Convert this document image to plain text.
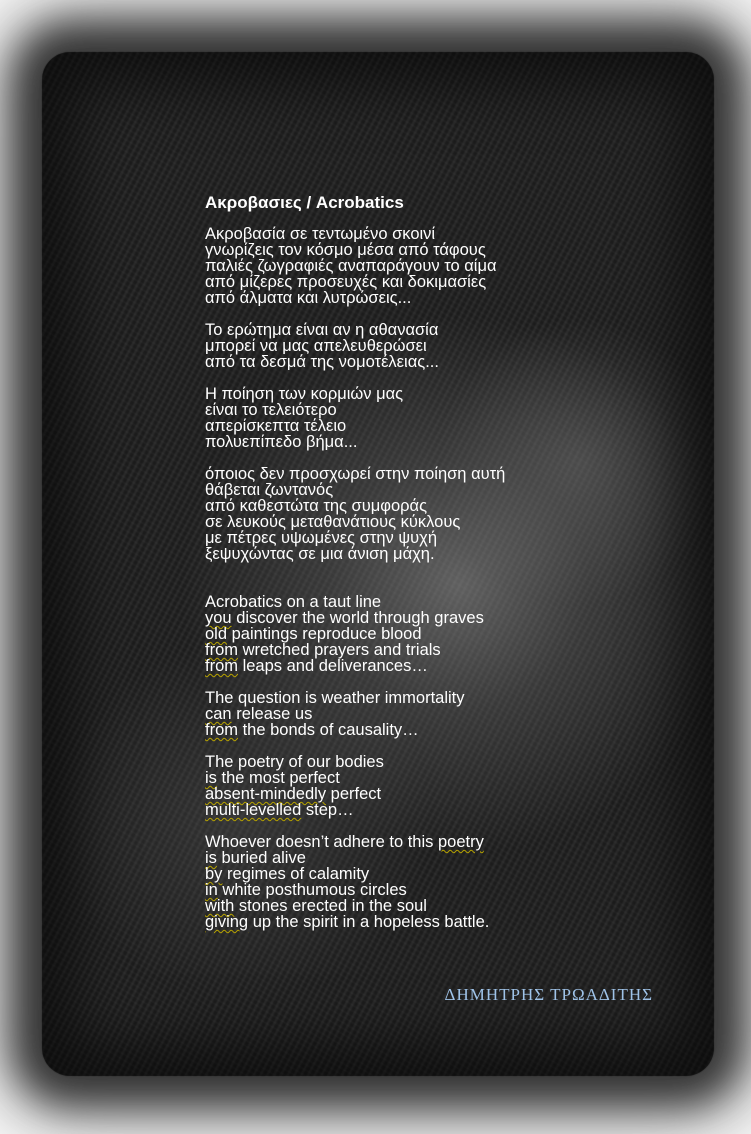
Ακροβασιες / Acrobatics
Ακροβασία σε τεντωμένο σκοινί
γνωρίζεις τον κόσμο μέσα από τάφους
παλιές ζωγραφιές αναπαράγουν το αίμα
από μίζερες προσευχές και δοκιμασίες
από άλματα και λυτρώσεις...
Το ερώτημα είναι αν η αθανασία
μπορεί να μας απελευθερώσει
από τα δεσμά της νομοτέλειας...
Η ποίηση των κορμιών μας
είναι το τελειότερο
απερίσκεπτα τέλειο
πολυεπίπεδο βήμα...
όποιος δεν προσχωρεί στην ποίηση αυτή
θάβεται ζωντανός
από καθεστώτα της συμφοράς
σε λευκούς μεταθανάτιους κύκλους
με πέτρες υψωμένες στην ψυχή
ξεψυχώντας σε μια άνιση μάχη.
Acrobatics on a taut line
you discover the world through graves
old paintings reproduce blood
from wretched prayers and trials
from leaps and deliverances…
The question is weather immortality
can release us
from the bonds of causality…
The poetry of our bodies
is the most perfect
absent-mindedly perfect
multi-levelled step…
Whoever doesn’t adhere to this poetry
is buried alive
by regimes of calamity
in white posthumous circles
with stones erected in the soul
giving up the spirit in a hopeless battle.
ΔΗΜΗΤΡΗΣ ΤΡΩΑΔΙΤΗΣ
